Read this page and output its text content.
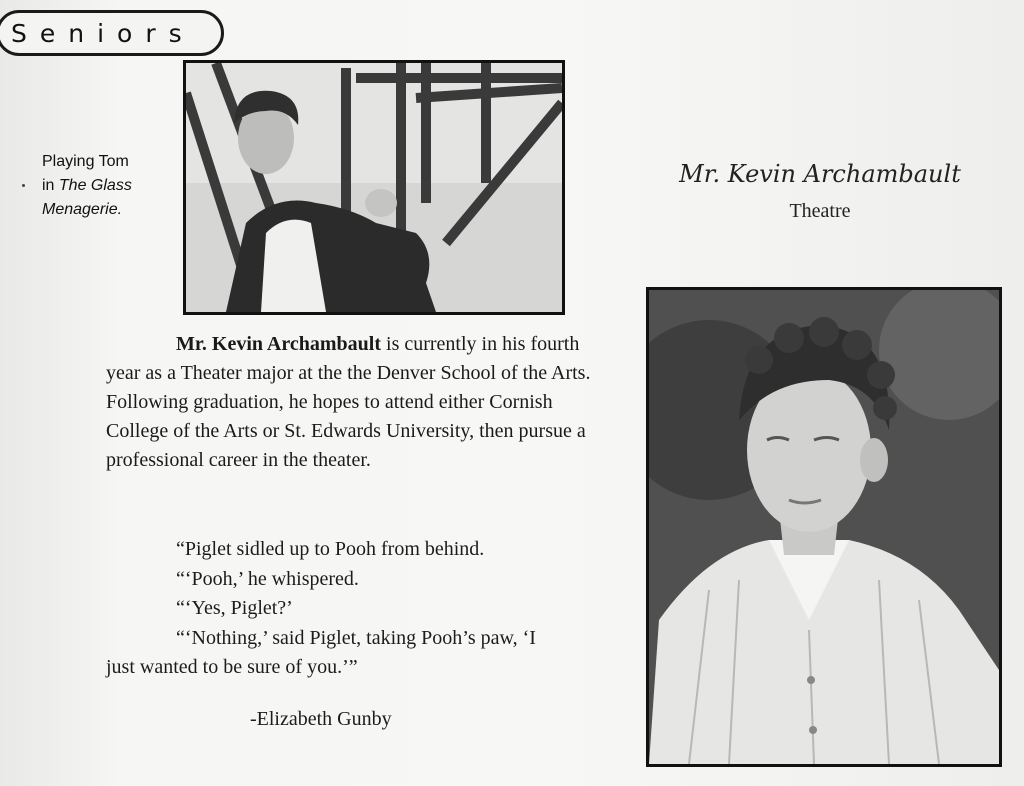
Seniors
Playing Tom
in The Glass
Menagerie.
Mr. Kevin Archambault
Theatre

Mr. Kevin Archambault is currently in his fourth year as a Theater major at the the Denver School of the Arts. Following graduation, he hopes to attend either Cornish College of the Arts or St. Edwards University, then pursue a professional career in the theater.

“Piglet sidled up to Pooh from behind.
“‘Pooh,’ he whispered.
“‘Yes, Piglet?’
“‘Nothing,’ said Piglet, taking Pooh’s paw, ‘I
just wanted to be sure of you.’”
-Elizabeth Gunby
